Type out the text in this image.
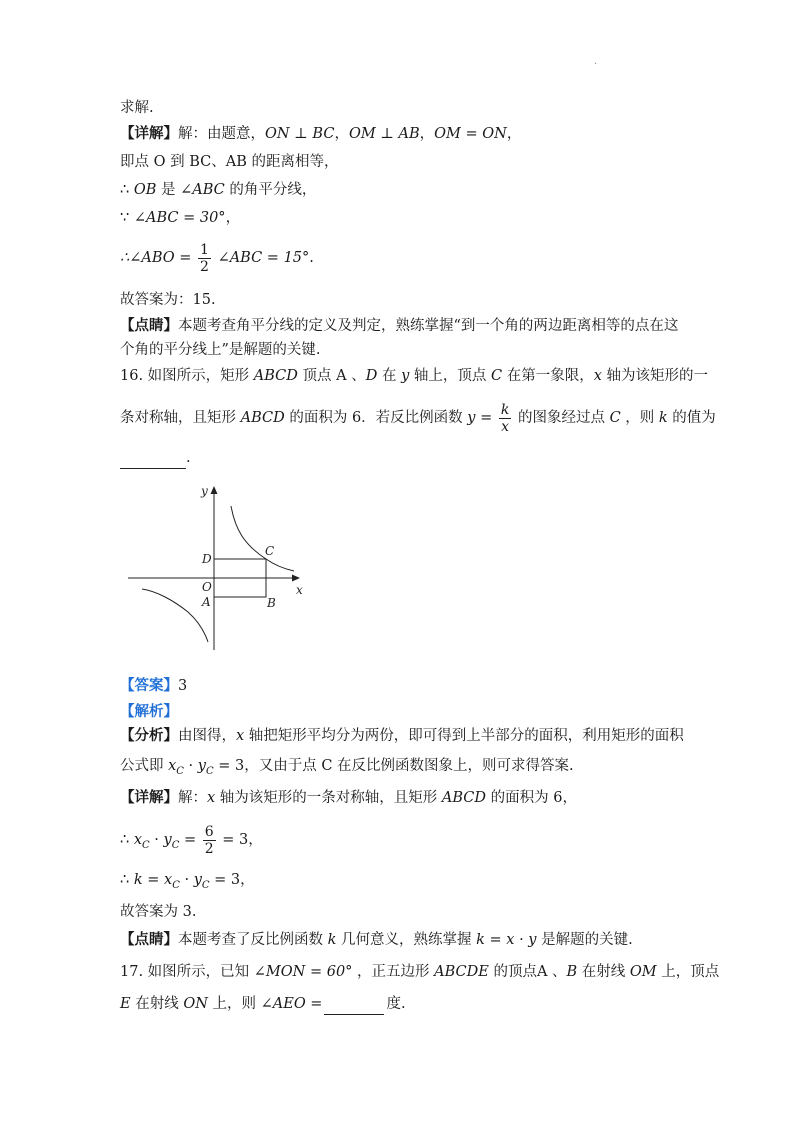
.
求解.
【详解】解：由题意，ON ⊥ BC，OM ⊥ AB，OM = ON，
即点 O 到 BC、AB 的距离相等，
∴ OB 是 ∠ABC 的角平分线，
∵ ∠ABC = 30°，
∴∠ABO = $\frac{1}{2}$ ∠ABC = 15°.
故答案为：15.
【点睛】本题考查角平分线的定义及判定，熟练掌握“到一个角的两边距离相等的点在这
个角的平分线上”是解题的关键.
16. 如图所示，矩形 ABCD 顶点 A 、D 在 y 轴上，顶点 C 在第一象限，x 轴为该矩形的一
条对称轴，且矩形 ABCD 的面积为 6．若反比例函数 $y = \frac{k}{x}$ 的图象经过点 C ，则 k 的值为
.
y
x
O
A	B
C
D
【答案】3
【解析】
【分析】由图得，x 轴把矩形平均分为两份，即可得到上半部分的面积，利用矩形的面积
公式即 $x_C \cdot y_C = 3$，又由于点 C 在反比例函数图象上，则可求得答案.
【详解】解：x 轴为该矩形的一条对称轴，且矩形 ABCD 的面积为 6，
∴ $x_C \cdot y_C = \frac{6}{2} = 3$，
∴ $k = x_C \cdot y_C = 3$，
故答案为 3.
【点睛】本题考查了反比例函数 k 几何意义，熟练掌握 k = x · y 是解题的关键.
17. 如图所示，已知 ∠MON = 60° ，正五边形 ABCDE 的顶点A 、B 在射线 OM 上，顶点
E 在射线 ON 上，则 ∠AEO =	度.
